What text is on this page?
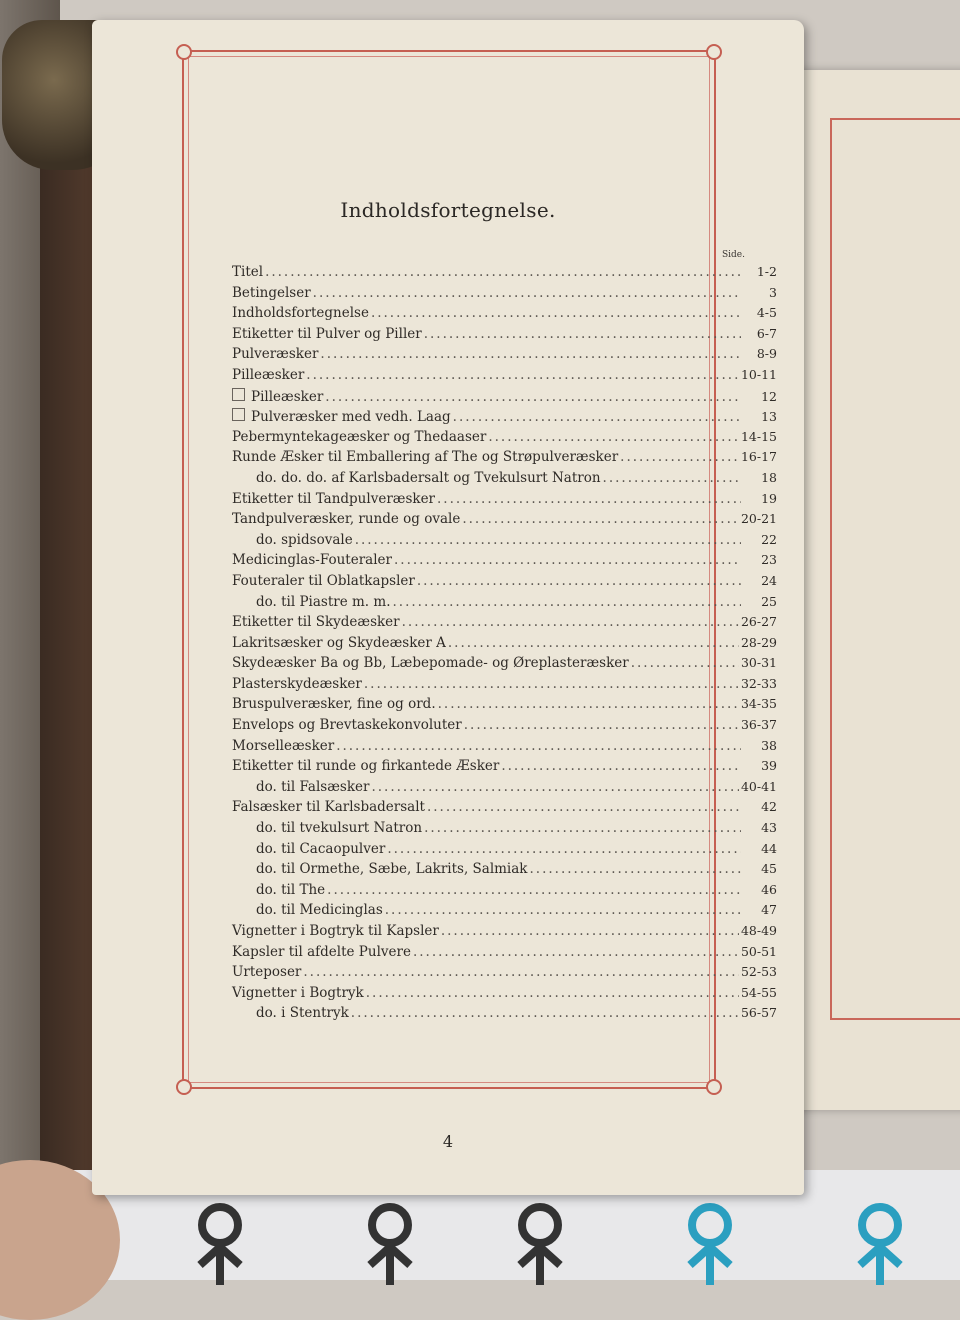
Indholdsfortegnelse.
Side.
Titel .....	1-2
Betingelser .....	3
Indholdsfortegnelse .....	4-5
Etiketter til Pulver og Piller .....	6-7
Pulveræsker .....	8-9
Pilleæsker .....	10-11
Pilleæsker .....	12
Pulveræsker med vedh. Laag .....	13
Pebermyntekageæsker og Thedaaser .....	14-15
Runde Æsker til Emballering af The og Strøpulveræsker .....	16-17
do. do. do. af Karlsbadersalt og Tvekulsurt Natron .....	18
Etiketter til Tandpulveræsker .....	19
Tandpulveræsker, runde og ovale .....	20-21
do. spidsovale .....	22
Medicinglas-Fouteraler .....	23
Fouteraler til Oblatkapsler .....	24
do. til Piastre m. m. .....	25
Etiketter til Skydeæsker .....	26-27
Lakritsæsker og Skydeæsker A .....	28-29
Skydeæsker Ba og Bb, Læbepomade- og Øreplasteræsker .....	30-31
Plasterskydeæsker .....	32-33
Bruspulveræsker, fine og ord. .....	34-35
Envelops og Brevtaskekonvoluter .....	36-37
Morselleæsker .....	38
Etiketter til runde og firkantede Æsker .....	39
do. til Falsæsker .....	40-41
Falsæsker til Karlsbadersalt .....	42
do. til tvekulsurt Natron .....	43
do. til Cacaopulver .....	44
do. til Ormethe, Sæbe, Lakrits, Salmiak .....	45
do. til The .....	46
do. til Medicinglas .....	47
Vignetter i Bogtryk til Kapsler .....	48-49
Kapsler til afdelte Pulvere .....	50-51
Urteposer .....	52-53
Vignetter i Bogtryk .....	54-55
do. i Stentryk .....	56-57
4
